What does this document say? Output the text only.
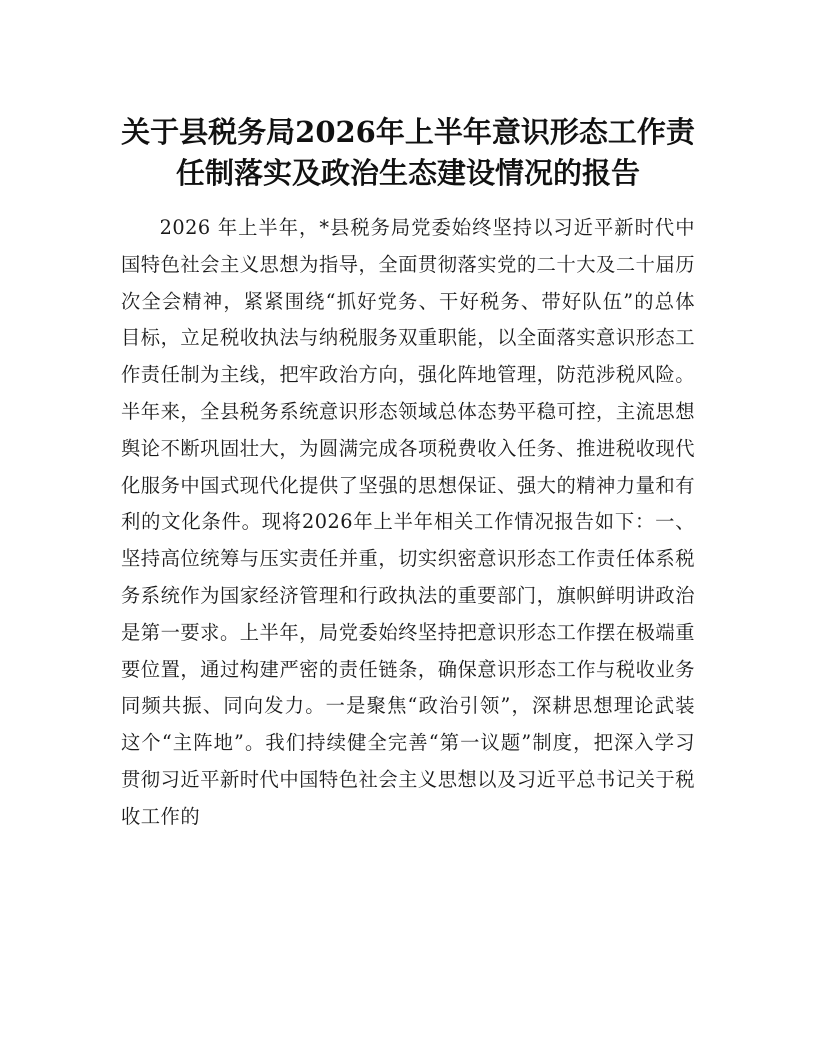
关于县税务局2026年上半年意识形态工作责任制落实及政治生态建设情况的报告

2026 年上半年，*县税务局党委始终坚持以习近平新时代中国特色社会主义思想为指导，全面贯彻落实党的二十大及二十届历次全会精神，紧紧围绕“抓好党务、干好税务、带好队伍”的总体目标，立足税收执法与纳税服务双重职能，以全面落实意识形态工作责任制为主线，把牢政治方向，强化阵地管理，防范涉税风险。半年来，全县税务系统意识形态领域总体态势平稳可控，主流思想舆论不断巩固壮大，为圆满完成各项税费收入任务、推进税收现代化服务中国式现代化提供了坚强的思想保证、强大的精神力量和有利的文化条件。现将2026年上半年相关工作情况报告如下：一、坚持高位统筹与压实责任并重，切实织密意识形态工作责任体系税务系统作为国家经济管理和行政执法的重要部门，旗帜鲜明讲政治是第一要求。上半年，局党委始终坚持把意识形态工作摆在极端重要位置，通过构建严密的责任链条，确保意识形态工作与税收业务同频共振、同向发力。一是聚焦“政治引领”，深耕思想理论武装这个“主阵地”。我们持续健全完善“第一议题”制度，把深入学习贯彻习近平新时代中国特色社会主义思想以及习近平总书记关于税收工作的
